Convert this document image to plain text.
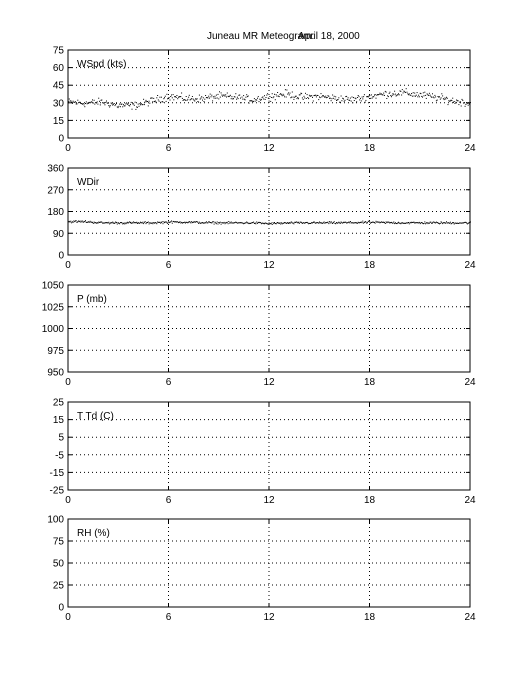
Juneau MR Meteogram:
April 18, 2000
0	6	12	18	24
0
15
30
45
60
75
WSpd (kts)
0	6	12	18	24
0
90
180
270
360
WDir
0	6	12	18	24
950
975
1000
1025
1050
P (mb)
0	6	12	18	24
-25
-15
-5
5
15
25
T Td (C)
0	6	12	18	24
0
25
50
75
100
RH (%)
